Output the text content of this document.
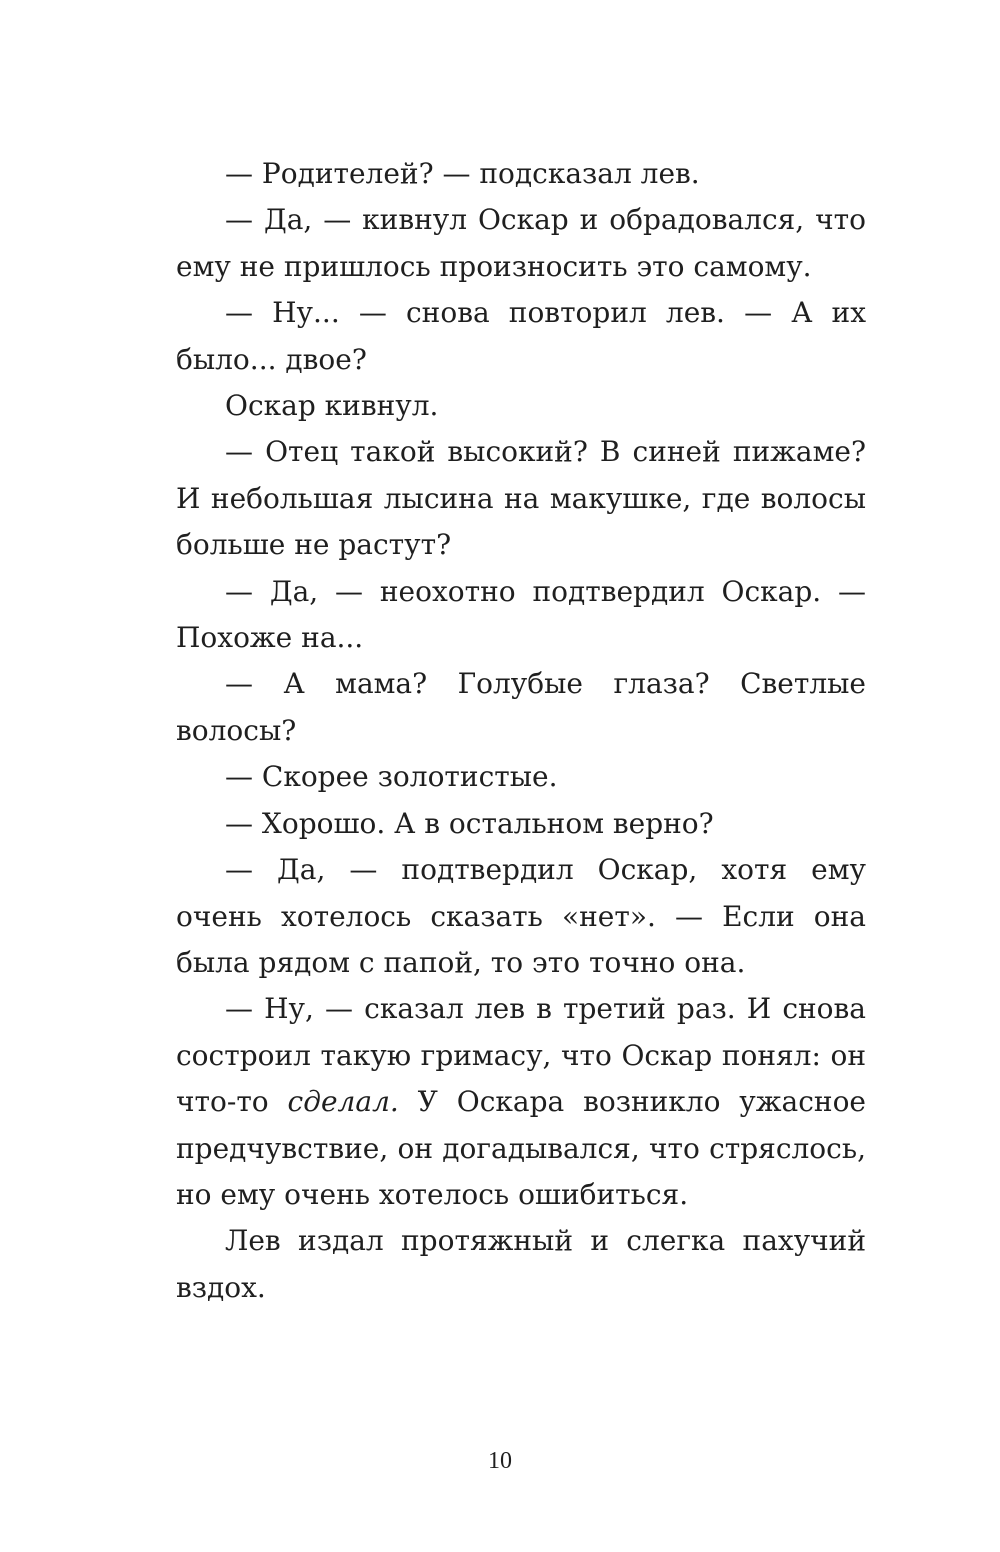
— Родителей? — подсказал лев.

— Да, — кивнул Оскар и обрадовался, что ему не пришлось произносить это самому.

— Ну... — снова повторил лев. — А их было... двое?

Оскар кивнул.

— Отец такой высокий? В синей пижаме? И небольшая лысина на макушке, где волосы больше не растут?

— Да, — неохотно подтвердил Оскар. — Похоже на...

— А мама? Голубые глаза? Светлые волосы?

— Скорее золотистые.

— Хорошо. А в остальном верно?

— Да, — подтвердил Оскар, хотя ему очень хотелось сказать «нет». — Если она была рядом с папой, то это точно она.

— Ну, — сказал лев в третий раз. И снова состроил такую гримасу, что Оскар понял: он что-то сделал. У Оскара возникло ужасное предчувствие, он догадывался, что стряслось, но ему очень хотелось ошибиться.

Лев издал протяжный и слегка пахучий вздох.

10
